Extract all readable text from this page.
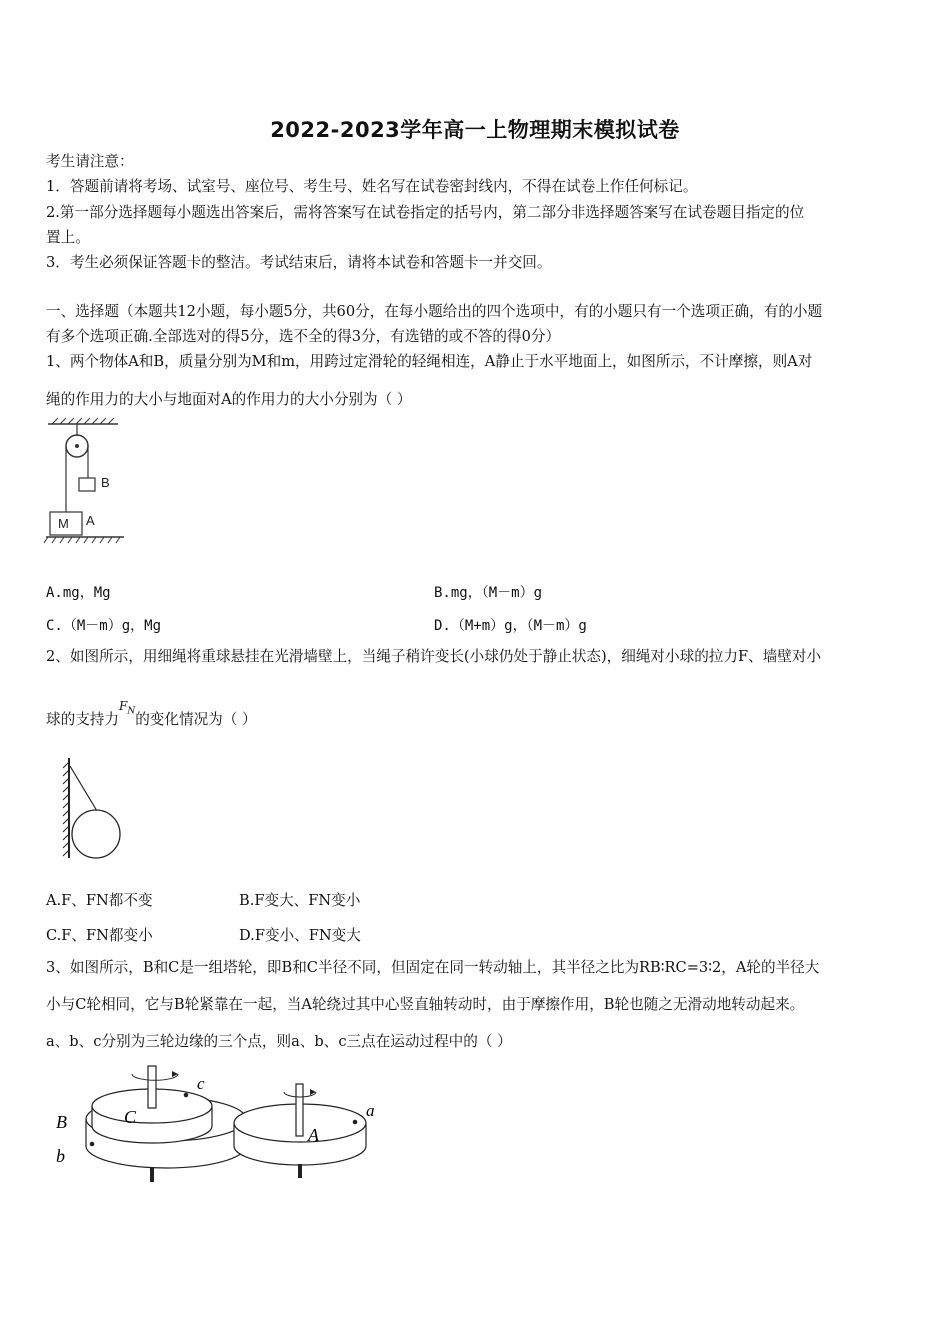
2022-2023学年高一上物理期末模拟试卷
考生请注意：
1．答题前请将考场、试室号、座位号、考生号、姓名写在试卷密封线内，不得在试卷上作任何标记。
2.第一部分选择题每小题选出答案后，需将答案写在试卷指定的括号内，第二部分非选择题答案写在试卷题目指定的位
置上。
3．考生必须保证答题卡的整洁。考试结束后，请将本试卷和答题卡一并交回。
一、选择题（本题共12小题，每小题5分，共60分，在每小题给出的四个选项中，有的小题只有一个选项正确，有的小题
有多个选项正确.全部选对的得5分，选不全的得3分，有选错的或不答的得0分）
1、两个物体A和B，质量分别为M和m，用跨过定滑轮的轻绳相连，A静止于水平地面上，如图所示，不计摩擦，则A对
绳的作用力的大小与地面对A的作用力的大小分别为（ ）
B
M A
A.mg，Mg	B.mg，（M－m）g
C.（M－m）g，Mg	D.（M+m）g，（M－m）g
2、如图所示，用细绳将重球悬挂在光滑墙壁上，当绳子稍许变长(小球仍处于静止状态)，细绳对小球的拉力F、墙壁对小
球的支持力$^{F_N}$的变化情况为（ ）
A.F、FN都不变	B.F变大、FN变小
C.F、FN都变小	D.F变小、FN变大
3、如图所示，B和C是一组塔轮，即B和C半径不同，但固定在同一转动轴上，其半径之比为RB∶RC=3∶2，A轮的半径大
小与C轮相同，它与B轮紧靠在一起，当A轮绕过其中心竖直轴转动时，由于摩擦作用，B轮也随之无滑动地转动起来。
a、b、c分别为三轮边缘的三个点，则a、b、c三点在运动过程中的（ ）
c
C
B
b
a
A
